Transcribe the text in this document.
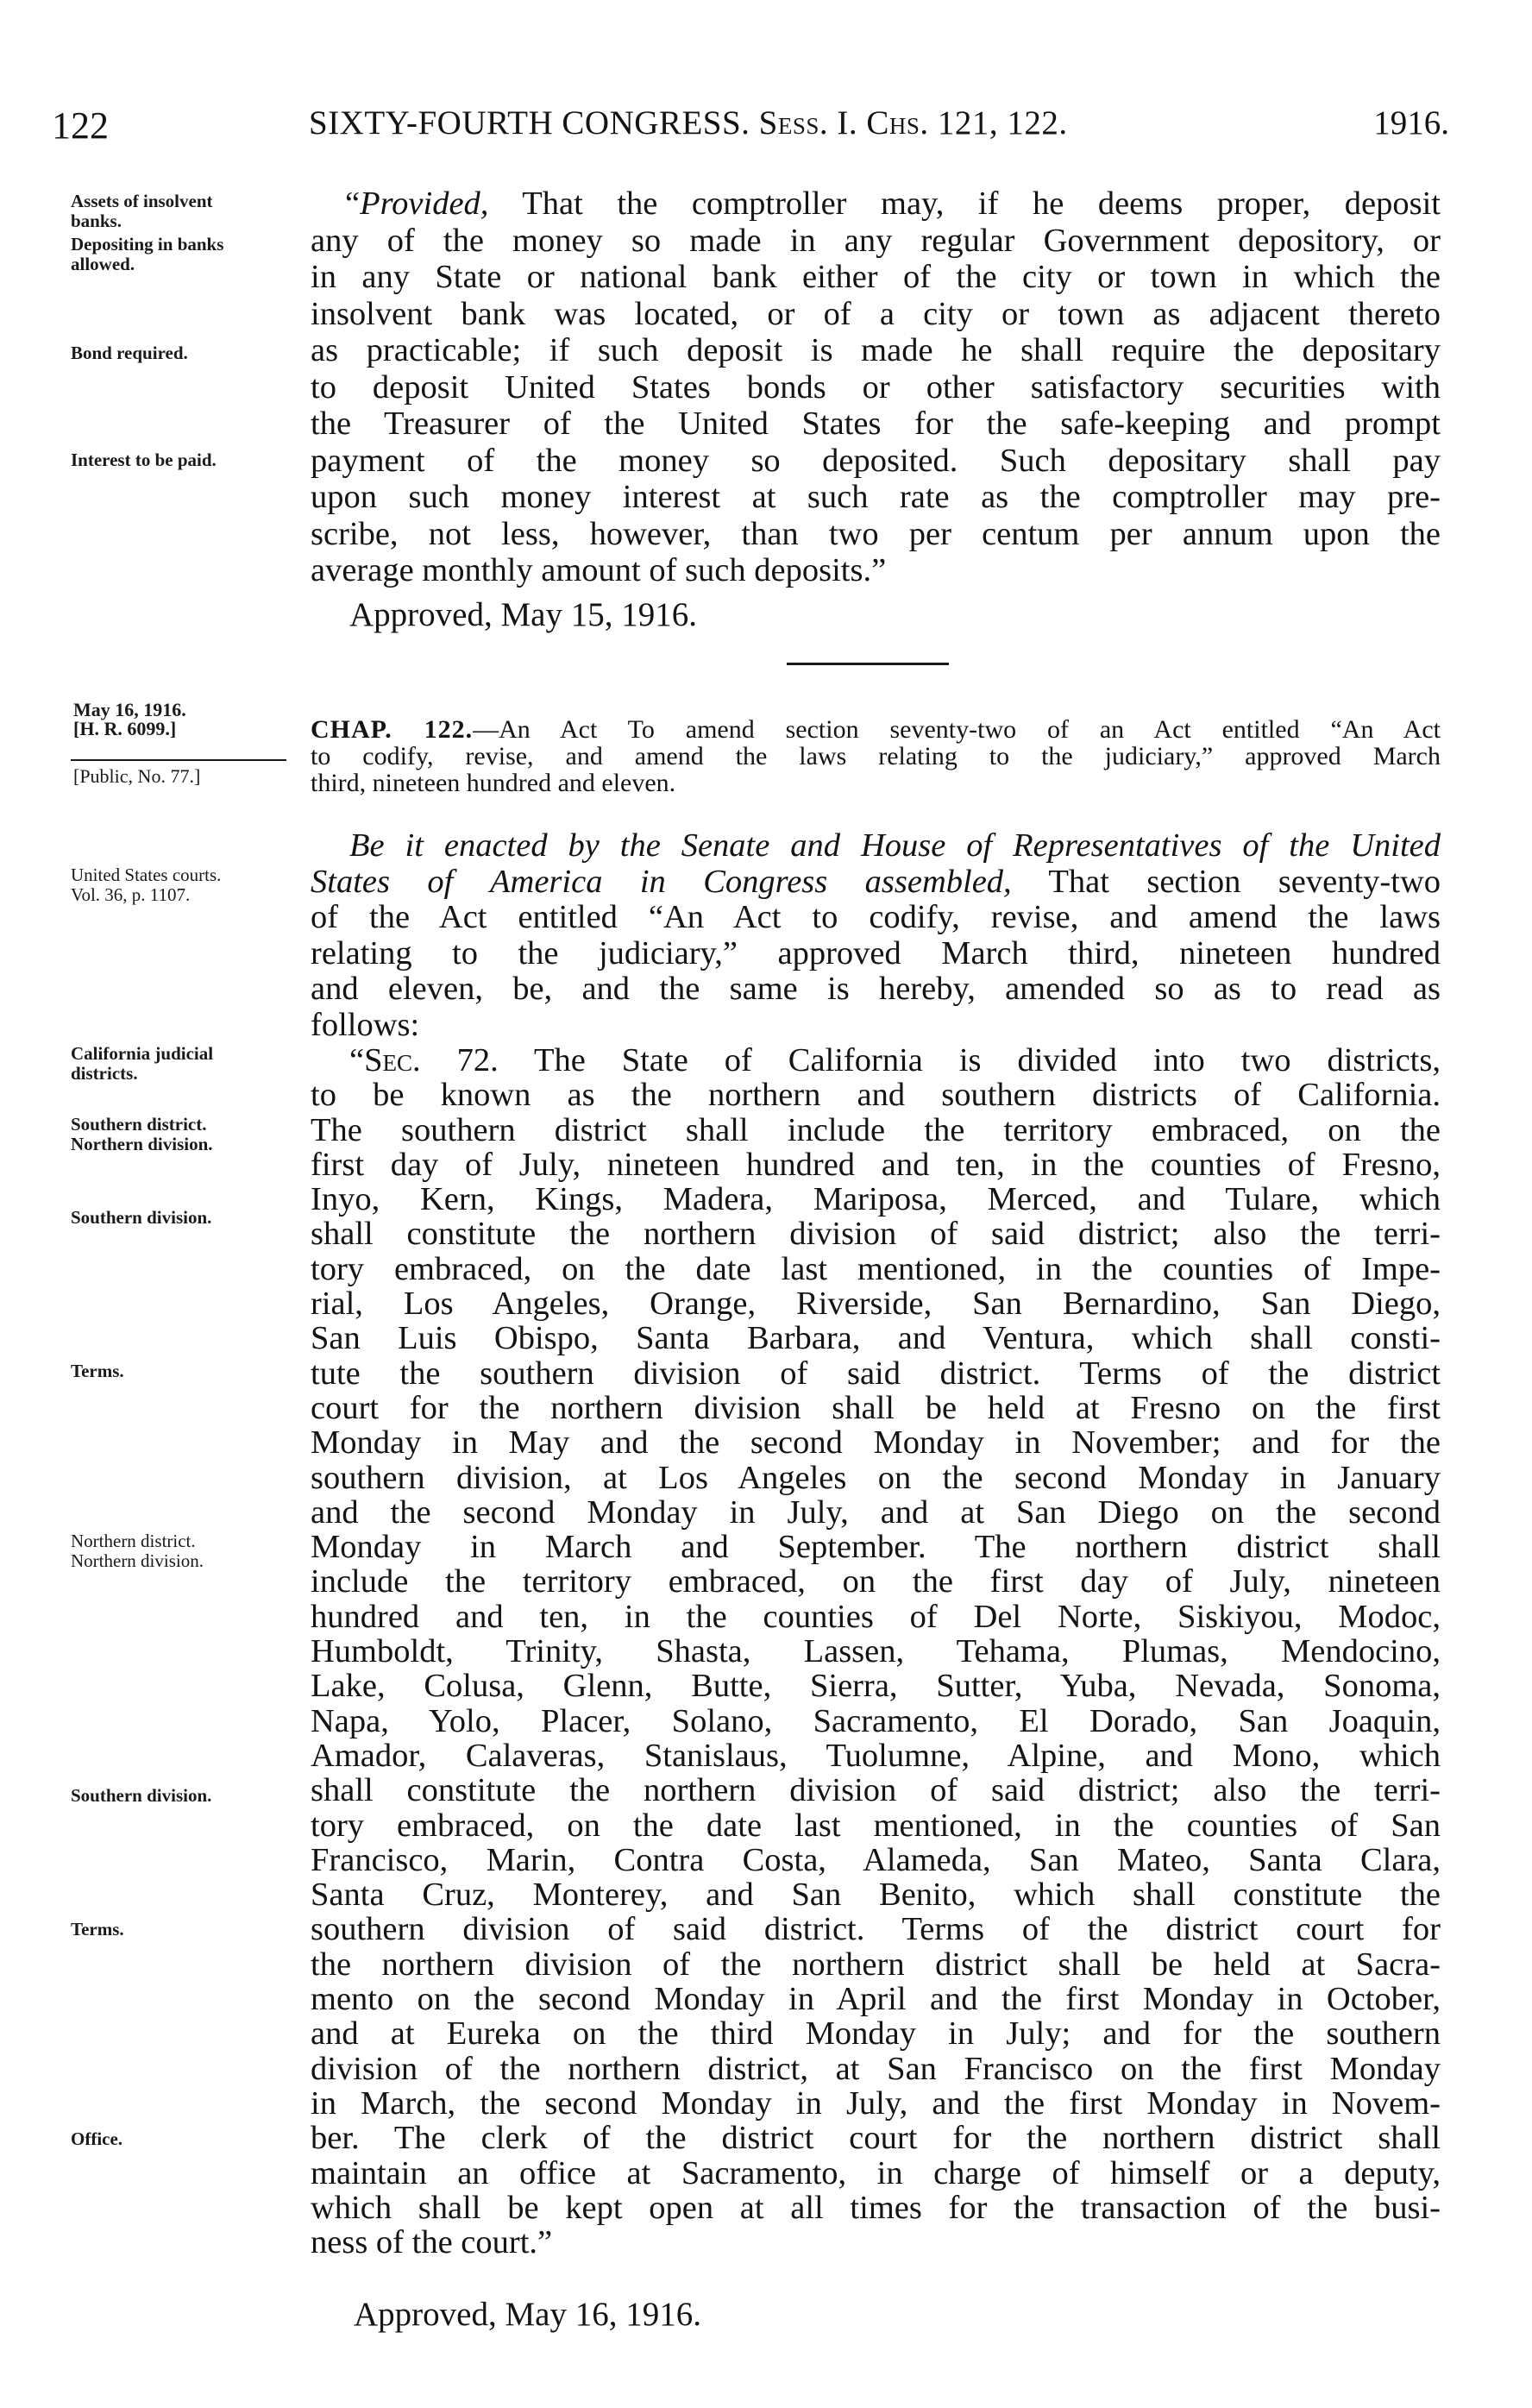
122	SIXTY-FOURTH CONGRESS. Sess. I. Chs. 121, 122.	1916.
Assets of insolvent
banks.
Depositing in banks
allowed.
Bond required.
Interest to be paid.
“Provided, That the comptroller may, if he deems proper, deposit
any of the money so made in any regular Government depository, or
in any State or national bank either of the city or town in which the
insolvent bank was located, or of a city or town as adjacent thereto
as practicable; if such deposit is made he shall require the depositary
to deposit United States bonds or other satisfactory securities with
the Treasurer of the United States for the safe-keeping and prompt
payment of the money so deposited. Such depositary shall pay
upon such money interest at such rate as the comptroller may pre-
scribe, not less, however, than two per centum per annum upon the
average monthly amount of such deposits.”
Approved, May 15, 1916.
May 16, 1916.
[H. R. 6099.]
[Public, No. 77.]
CHAP. 122.—An Act To amend section seventy-two of an Act entitled “An Act
to codify, revise, and amend the laws relating to the judiciary,” approved March
third, nineteen hundred and eleven.
United States courts.
Vol. 36, p. 1107.
California judicial
districts.
Southern district.
Northern division.
Southern division.
Terms.
Northern district.
Northern division.
Southern division.
Terms.
Office.
Be it enacted by the Senate and House of Representatives of the United
States of America in Congress assembled, That section seventy-two
of the Act entitled “An Act to codify, revise, and amend the laws
relating to the judiciary,” approved March third, nineteen hundred
and eleven, be, and the same is hereby, amended so as to read as
follows:
“Sec. 72. The State of California is divided into two districts,
to be known as the northern and southern districts of California.
The southern district shall include the territory embraced, on the
first day of July, nineteen hundred and ten, in the counties of Fresno,
Inyo, Kern, Kings, Madera, Mariposa, Merced, and Tulare, which
shall constitute the northern division of said district; also the terri-
tory embraced, on the date last mentioned, in the counties of Impe-
rial, Los Angeles, Orange, Riverside, San Bernardino, San Diego,
San Luis Obispo, Santa Barbara, and Ventura, which shall consti-
tute the southern division of said district. Terms of the district
court for the northern division shall be held at Fresno on the first
Monday in May and the second Monday in November; and for the
southern division, at Los Angeles on the second Monday in January
and the second Monday in July, and at San Diego on the second
Monday in March and September. The northern district shall
include the territory embraced, on the first day of July, nineteen
hundred and ten, in the counties of Del Norte, Siskiyou, Modoc,
Humboldt, Trinity, Shasta, Lassen, Tehama, Plumas, Mendocino,
Lake, Colusa, Glenn, Butte, Sierra, Sutter, Yuba, Nevada, Sonoma,
Napa, Yolo, Placer, Solano, Sacramento, El Dorado, San Joaquin,
Amador, Calaveras, Stanislaus, Tuolumne, Alpine, and Mono, which
shall constitute the northern division of said district; also the terri-
tory embraced, on the date last mentioned, in the counties of San
Francisco, Marin, Contra Costa, Alameda, San Mateo, Santa Clara,
Santa Cruz, Monterey, and San Benito, which shall constitute the
southern division of said district. Terms of the district court for
the northern division of the northern district shall be held at Sacra-
mento on the second Monday in April and the first Monday in October,
and at Eureka on the third Monday in July; and for the southern
division of the northern district, at San Francisco on the first Monday
in March, the second Monday in July, and the first Monday in Novem-
ber. The clerk of the district court for the northern district shall
maintain an office at Sacramento, in charge of himself or a deputy,
which shall be kept open at all times for the transaction of the busi-
ness of the court.”
Approved, May 16, 1916.
